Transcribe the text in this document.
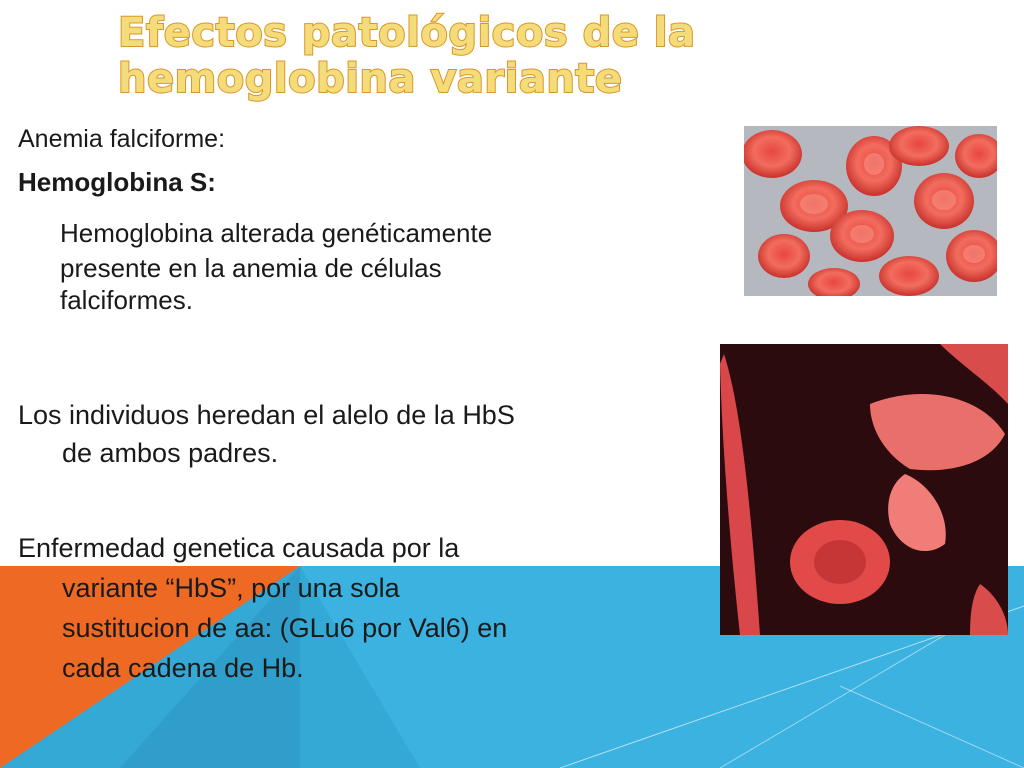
Efectos patológicos de la
hemoglobina variante

Anemia falciforme:

Hemoglobina S:

Hemoglobina alterada genéticamente
presente en la anemia de células
falciformes.

Los individuos heredan el alelo de la HbS
de ambos padres.

Enfermedad genetica causada por la
variante “HbS”, por una sola
sustitucion de aa: (GLu6 por Val6) en
cada cadena de Hb.
